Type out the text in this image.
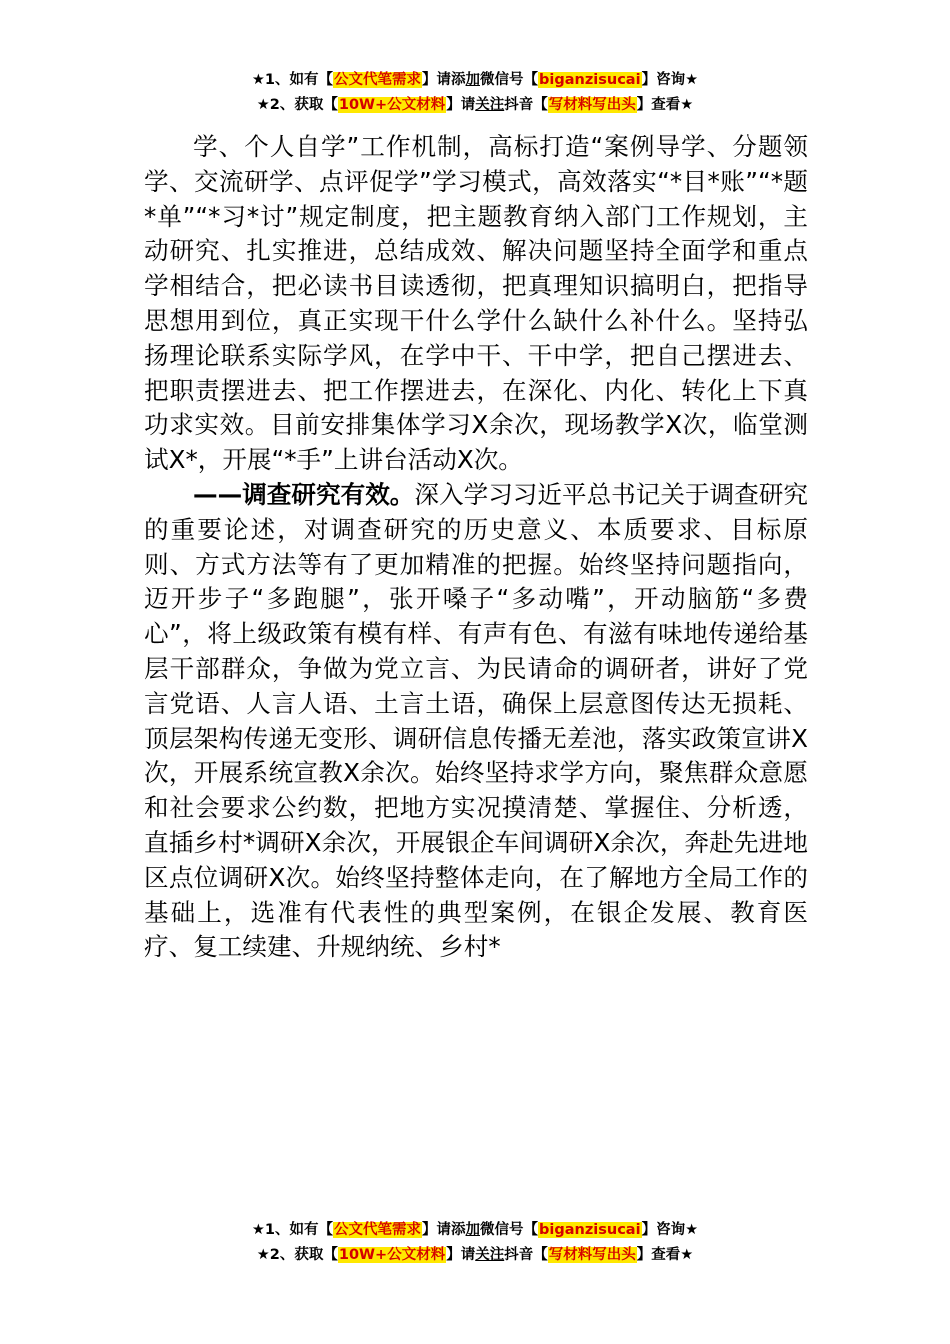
★1、如有【公文代笔需求】请添加微信号【biganzisucai】咨询★
★2、获取【10W+公文材料】请关注抖音【写材料写出头】查看★

学、个人自学”工作机制，高标打造“案例导学、分题领学、交流研学、点评促学”学习模式，高效落实“*目*账”“*题*单”“*习*讨”规定制度，把主题教育纳入部门工作规划，主动研究、扎实推进，总结成效、解决问题坚持全面学和重点学相结合，把必读书目读透彻，把真理知识搞明白，把指导思想用到位，真正实现干什么学什么缺什么补什么。坚持弘扬理论联系实际学风，在学中干、干中学，把自己摆进去、把职责摆进去、把工作摆进去，在深化、内化、转化上下真功求实效。目前安排集体学习X余次，现场教学X次，临堂测试X*，开展“*手”上讲台活动X次。

——调查研究有效。深入学习习近平总书记关于调查研究的重要论述，对调查研究的历史意义、本质要求、目标原则、方式方法等有了更加精准的把握。始终坚持问题指向，迈开步子“多跑腿”，张开嗓子“多动嘴”，开动脑筋“多费心”，将上级政策有模有样、有声有色、有滋有味地传递给基层干部群众，争做为党立言、为民请命的调研者，讲好了党言党语、人言人语、土言土语，确保上层意图传达无损耗、顶层架构传递无变形、调研信息传播无差池，落实政策宣讲X次，开展系统宣教X余次。始终坚持求学方向，聚焦群众意愿和社会要求公约数，把地方实况摸清楚、掌握住、分析透，直插乡村*调研X余次，开展银企车间调研X余次，奔赴先进地区点位调研X次。始终坚持整体走向，在了解地方全局工作的基础上，选准有代表性的典型案例，在银企发展、教育医疗、复工续建、升规纳统、乡村*

★1、如有【公文代笔需求】请添加微信号【biganzisucai】咨询★
★2、获取【10W+公文材料】请关注抖音【写材料写出头】查看★
